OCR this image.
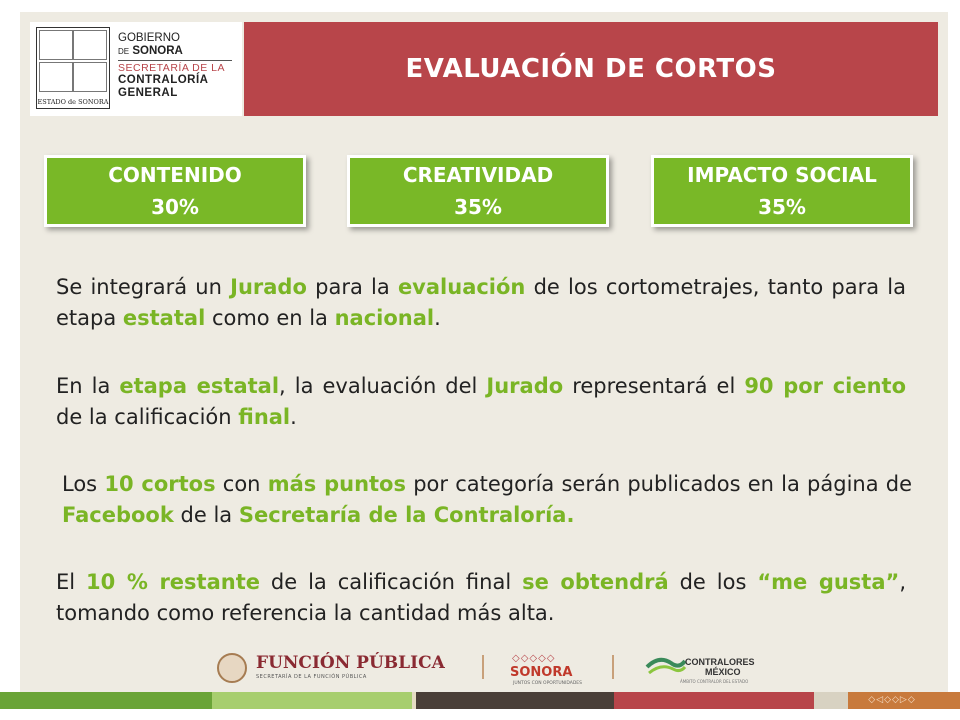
ESTADO de SONORA
GOBIERNO
DE SONORA
SECRETARÍA DE LA
CONTRALORÍA
GENERAL
EVALUACIÓN DE CORTOS
CONTENIDO
30%
CREATIVIDAD
35%
IMPACTO SOCIAL
35%

Se integrará un Jurado para la evaluación de los cortometrajes, tanto para la etapa estatal como en la nacional.

En la etapa estatal, la evaluación del Jurado representará el 90 por ciento de la calificación final.

Los 10 cortos con más puntos por categoría serán publicados en la página de Facebook de la Secretaría de la Contraloría.

El 10 % restante de la calificación final se obtendrá de los “me gusta”, tomando como referencia la cantidad más alta.

FUNCIÓN PÚBLICA
SECRETARÍA DE LA FUNCIÓN PÚBLICA
◇◇◇◇◇
SONORA
JUNTOS CON OPORTUNIDADES
CONTRALORES
MÉXICO
ÁMBITO CONTRALOR DEL ESTADO
◇◁◇◇▷◇
